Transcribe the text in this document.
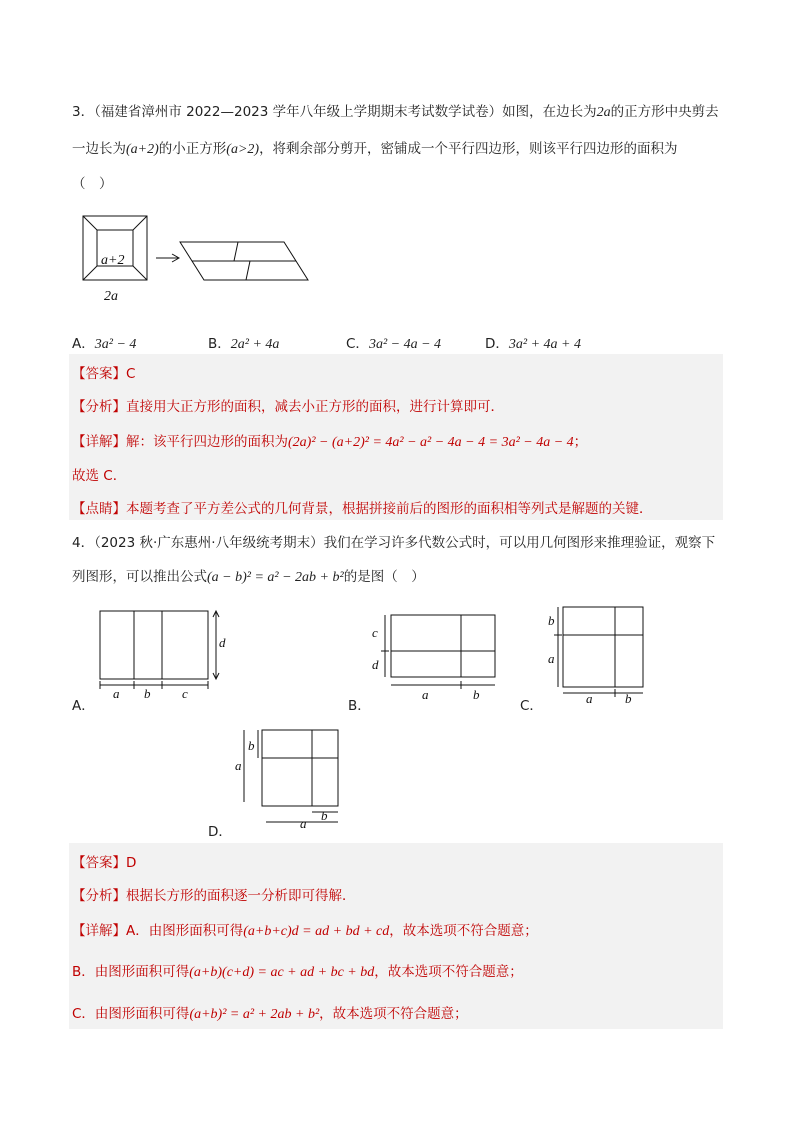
3．（福建省漳州市 2022—2023 学年八年级上学期期末考试数学试卷）如图，在边长为2a的正方形中央剪去
一边长为(a+2)的小正方形(a>2)，将剩余部分剪开，密铺成一个平行四边形，则该平行四边形的面积为
（　）
a+2
2a
A．3a² − 4	B．2a² + 4a	C．3a² − 4a − 4	D．3a² + 4a + 4
【答案】C
【分析】直接用大正方形的面积，减去小正方形的面积，进行计算即可．
【详解】解：该平行四边形的面积为(2a)² − (a+2)² = 4a² − a² − 4a − 4 = 3a² − 4a − 4；
故选 C．
【点睛】本题考查了平方差公式的几何背景，根据拼接前后的图形的面积相等列式是解题的关键．
4．（2023 秋·广东惠州·八年级统考期末）我们在学习许多代数公式时，可以用几何图形来推理验证，观察下
列图形，可以推出公式(a − b)² = a² − 2ab + b²的是图（　）
d
a b c
A．
c
d
a	b
B．
b
a
a	b
C．
b
a
a
b
D．
【答案】D
【分析】根据长方形的面积逐一分析即可得解．
【详解】A．由图形面积可得(a+b+c)d = ad + bd + cd，故本选项不符合题意；
B．由图形面积可得(a+b)(c+d) = ac + ad + bc + bd，故本选项不符合题意；
C．由图形面积可得(a+b)² = a² + 2ab + b²，故本选项不符合题意；
